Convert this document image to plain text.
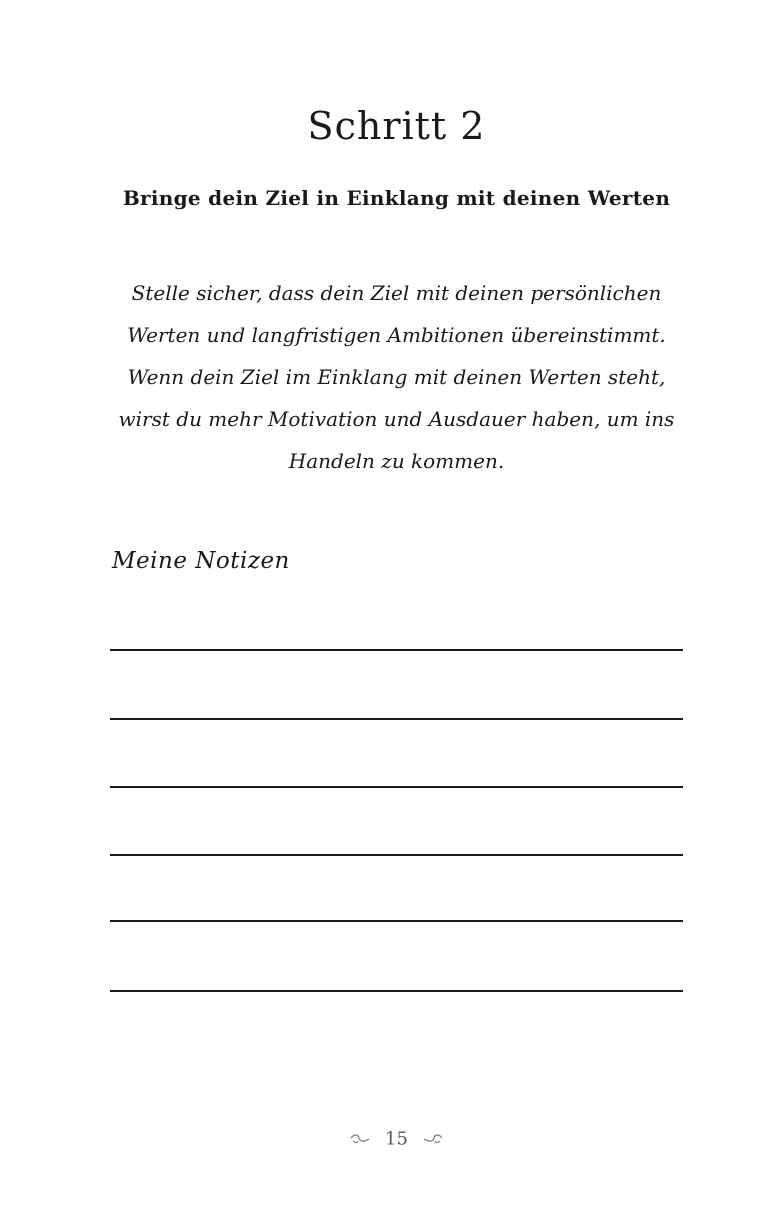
Schritt 2
Bringe dein Ziel in Einklang mit deinen Werten

Stelle sicher, dass dein Ziel mit deinen persönlichen Werten und langfristigen Ambitionen übereinstimmt. Wenn dein Ziel im Einklang mit deinen Werten steht, wirst du mehr Motivation und Ausdauer haben, um ins Handeln zu kommen.

Meine Notizen
15
